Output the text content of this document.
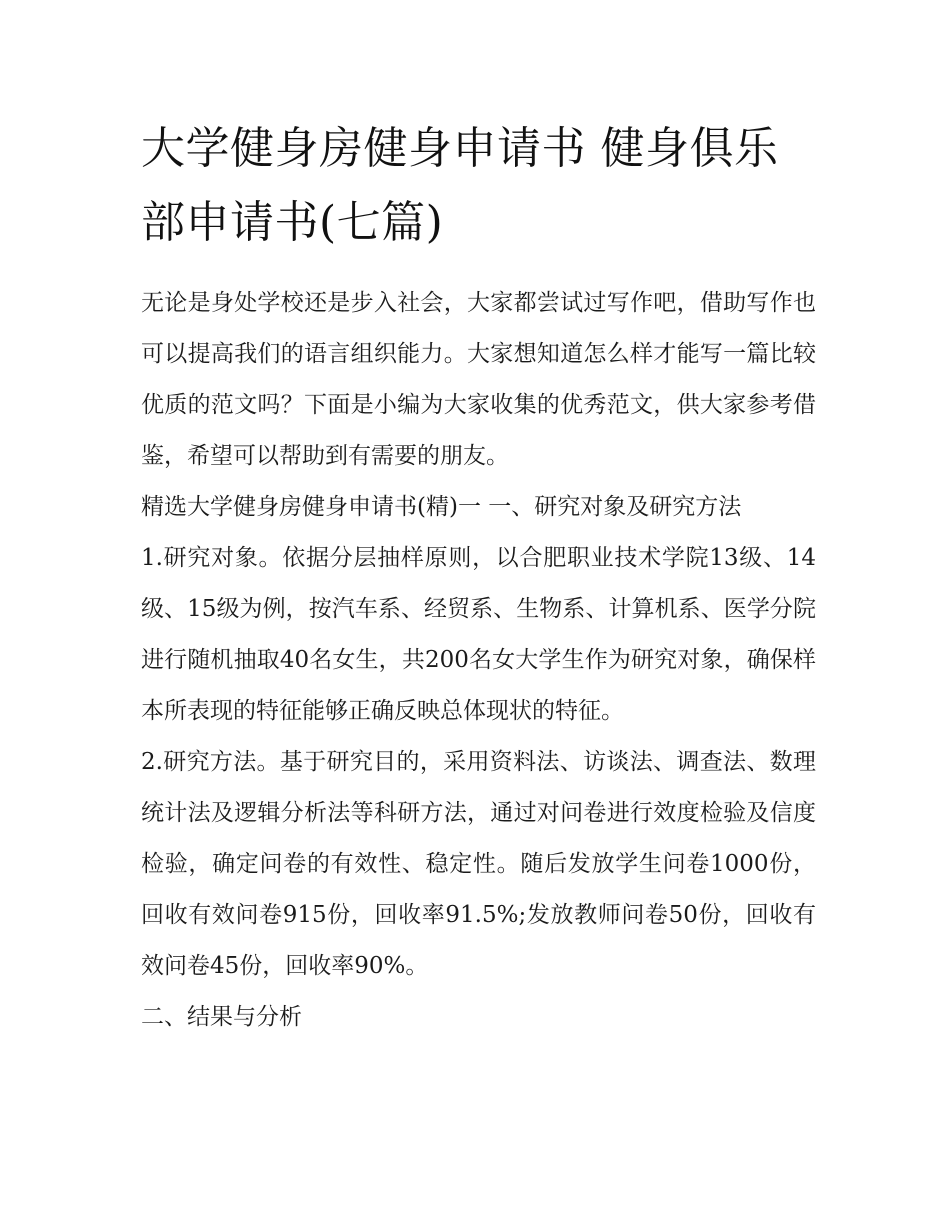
大学健身房健身申请书 健身俱乐部申请书(七篇)

无论是身处学校还是步入社会，大家都尝试过写作吧，借助写作也可以提高我们的语言组织能力。大家想知道怎么样才能写一篇比较优质的范文吗？下面是小编为大家收集的优秀范文，供大家参考借鉴，希望可以帮助到有需要的朋友。

精选大学健身房健身申请书(精)一 一、研究对象及研究方法

1.研究对象。依据分层抽样原则，以合肥职业技术学院13级、14级、15级为例，按汽车系、经贸系、生物系、计算机系、医学分院进行随机抽取40名女生，共200名女大学生作为研究对象，确保样本所表现的特征能够正确反映总体现状的特征。

2.研究方法。基于研究目的，采用资料法、访谈法、调查法、数理统计法及逻辑分析法等科研方法，通过对问卷进行效度检验及信度检验，确定问卷的有效性、稳定性。随后发放学生问卷1000份，回收有效问卷915份，回收率91.5%;发放教师问卷50份，回收有效问卷45份，回收率90%。

二、结果与分析
